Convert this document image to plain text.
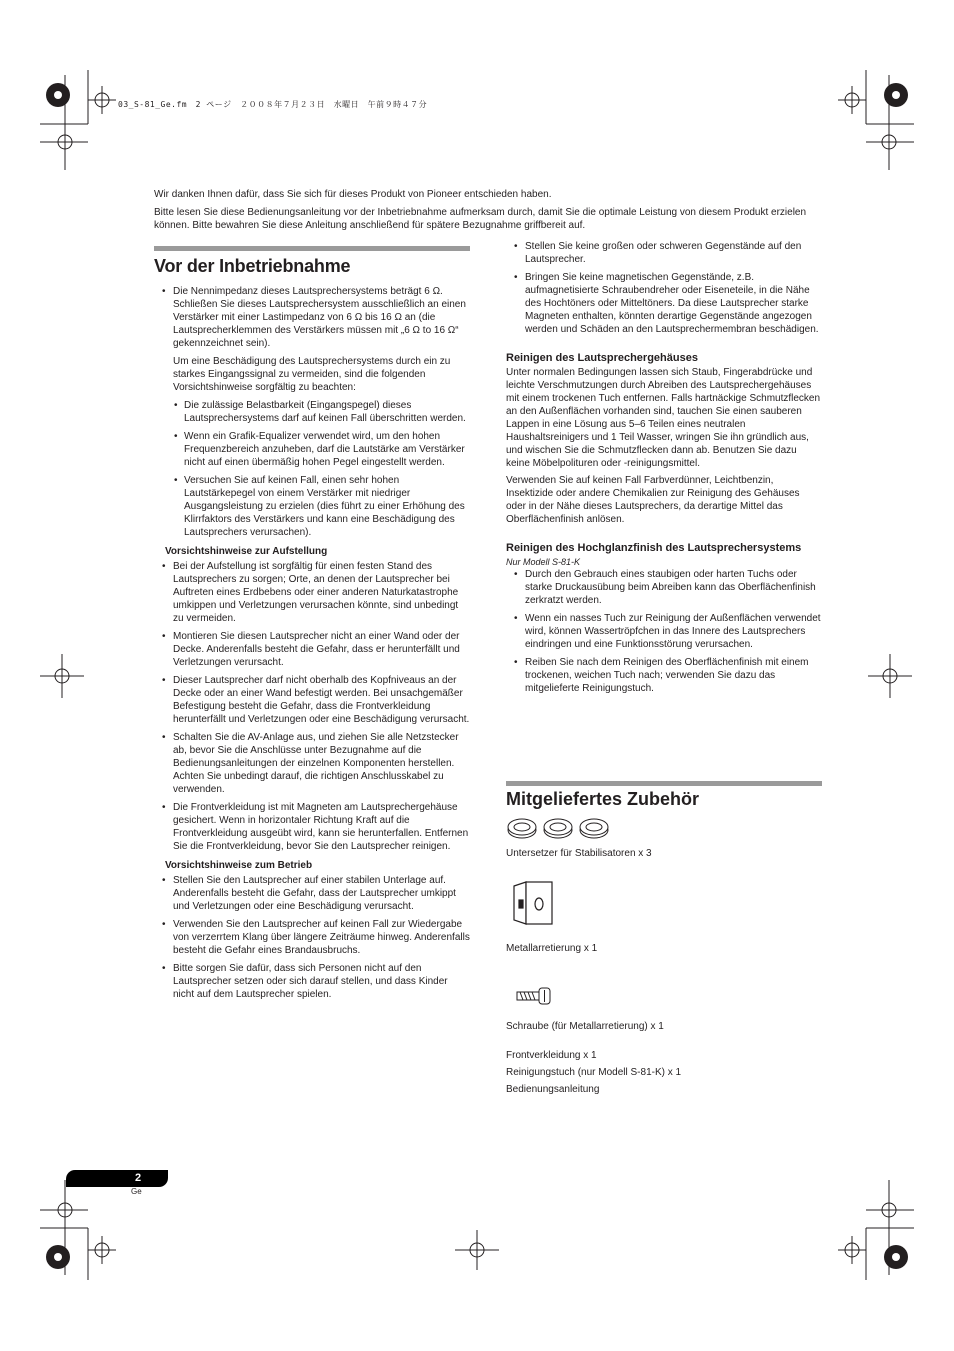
03_S-81_Ge.fm　2 ページ　２００８年７月２３日　水曜日　午前９時４７分

Wir danken Ihnen dafür, dass Sie sich für dieses Produkt von Pioneer entschieden haben.

Bitte lesen Sie diese Bedienungsanleitung vor der Inbetriebnahme aufmerksam durch, damit Sie die optimale Leistung von diesem Produkt erzielen können. Bitte bewahren Sie diese Anleitung anschließend für spätere Bezugnahme griffbereit auf.

Vor der Inbetriebnahme
• Die Nennimpedanz dieses Lautsprechersystems beträgt 6 Ω. Schließen Sie dieses Lautsprechersystem ausschließlich an einen Verstärker mit einer Lastimpedanz von 6 Ω bis 16 Ω an (die Lautsprecherklemmen des Verstärkers müssen mit „6 Ω to 16 Ω“ gekennzeichnet sein).

Um eine Beschädigung des Lautsprechersystems durch ein zu starkes Eingangssignal zu vermeiden, sind die folgenden Vorsichtshinweise sorgfältig zu beachten:

• Die zulässige Belastbarkeit (Eingangspegel) dieses Lautsprechersystems darf auf keinen Fall überschritten werden.
• Wenn ein Grafik-Equalizer verwendet wird, um den hohen Frequenzbereich anzuheben, darf die Lautstärke am Verstärker nicht auf einen übermäßig hohen Pegel eingestellt werden.
• Versuchen Sie auf keinen Fall, einen sehr hohen Lautstärkepegel von einem Verstärker mit niedriger Ausgangsleistung zu erzielen (dies führt zu einer Erhöhung des Klirrfaktors des Verstärkers und kann eine Beschädigung des Lautsprechers verursachen).
Vorsichtshinweise zur Aufstellung
• Bei der Aufstellung ist sorgfältig für einen festen Stand des Lautsprechers zu sorgen; Orte, an denen der Lautsprecher bei Auftreten eines Erdbebens oder einer anderen Naturkatastrophe umkippen und Verletzungen verursachen könnte, sind unbedingt zu vermeiden.
• Montieren Sie diesen Lautsprecher nicht an einer Wand oder der Decke. Anderenfalls besteht die Gefahr, dass er herunterfällt und Verletzungen verursacht.
• Dieser Lautsprecher darf nicht oberhalb des Kopfniveaus an der Decke oder an einer Wand befestigt werden. Bei unsachgemäßer Befestigung besteht die Gefahr, dass die Frontverkleidung herunterfällt und Verletzungen oder eine Beschädigung verursacht.
• Schalten Sie die AV-Anlage aus, und ziehen Sie alle Netzstecker ab, bevor Sie die Anschlüsse unter Bezugnahme auf die Bedienungsanleitungen der einzelnen Komponenten herstellen. Achten Sie unbedingt darauf, die richtigen Anschlusskabel zu verwenden.
• Die Frontverkleidung ist mit Magneten am Lautsprechergehäuse gesichert. Wenn in horizontaler Richtung Kraft auf die Frontverkleidung ausgeübt wird, kann sie herunterfallen. Entfernen Sie die Frontverkleidung, bevor Sie den Lautsprecher reinigen.
Vorsichtshinweise zum Betrieb
• Stellen Sie den Lautsprecher auf einer stabilen Unterlage auf. Anderenfalls besteht die Gefahr, dass der Lautsprecher umkippt und Verletzungen oder eine Beschädigung verursacht.
• Verwenden Sie den Lautsprecher auf keinen Fall zur Wiedergabe von verzerrtem Klang über längere Zeiträume hinweg. Anderenfalls besteht die Gefahr eines Brandausbruchs.
• Bitte sorgen Sie dafür, dass sich Personen nicht auf den Lautsprecher setzen oder sich darauf stellen, und dass Kinder nicht auf dem Lautsprecher spielen.
• Stellen Sie keine großen oder schweren Gegenstände auf den Lautsprecher.
• Bringen Sie keine magnetischen Gegenstände, z.B. aufmagnetisierte Schraubendreher oder Eiseneteile, in die Nähe des Hochtöners oder Mitteltöners. Da diese Lautsprecher starke Magneten enthalten, könnten derartige Gegenstände angezogen werden und Schäden an den Lautsprechermembran beschädigen.
Reinigen des Lautsprechergehäuses

Unter normalen Bedingungen lassen sich Staub, Fingerabdrücke und leichte Verschmutzungen durch Abreiben des Lautsprechergehäuses mit einem trockenen Tuch entfernen. Falls hartnäckige Schmutzflecken an den Außenflächen vorhanden sind, tauchen Sie einen sauberen Lappen in eine Lösung aus 5–6 Teilen eines neutralen Haushaltsreinigers und 1 Teil Wasser, wringen Sie ihn gründlich aus, und wischen Sie die Schmutzflecken dann ab. Benutzen Sie dazu keine Möbelpolituren oder -reinigungsmittel.

Verwenden Sie auf keinen Fall Farbverdünner, Leichtbenzin, Insektizide oder andere Chemikalien zur Reinigung des Gehäuses oder in der Nähe dieses Lautsprechers, da derartige Mittel das Oberflächenfinish anlösen.

Reinigen des Hochglanzfinish des Lautsprechersystems
Nur Modell S-81-K
• Durch den Gebrauch eines staubigen oder harten Tuchs oder starke Druckausübung beim Abreiben kann das Oberflächenfinish zerkratzt werden.
• Wenn ein nasses Tuch zur Reinigung der Außenflächen verwendet wird, können Wassertröpfchen in das Innere des Lautsprechers eindringen und eine Funktionsstörung verursachen.
• Reiben Sie nach dem Reinigen des Oberflächenfinish mit einem trockenen, weichen Tuch nach; verwenden Sie dazu das mitgelieferte Reinigungstuch.
Mitgeliefertes Zubehör
Untersetzer für Stabilisatoren x 3
Metallarretierung x 1
Schraube (für Metallarretierung) x 1
Frontverkleidung x 1
Reinigungstuch (nur Modell S-81-K) x 1
Bedienungsanleitung
2
Ge
